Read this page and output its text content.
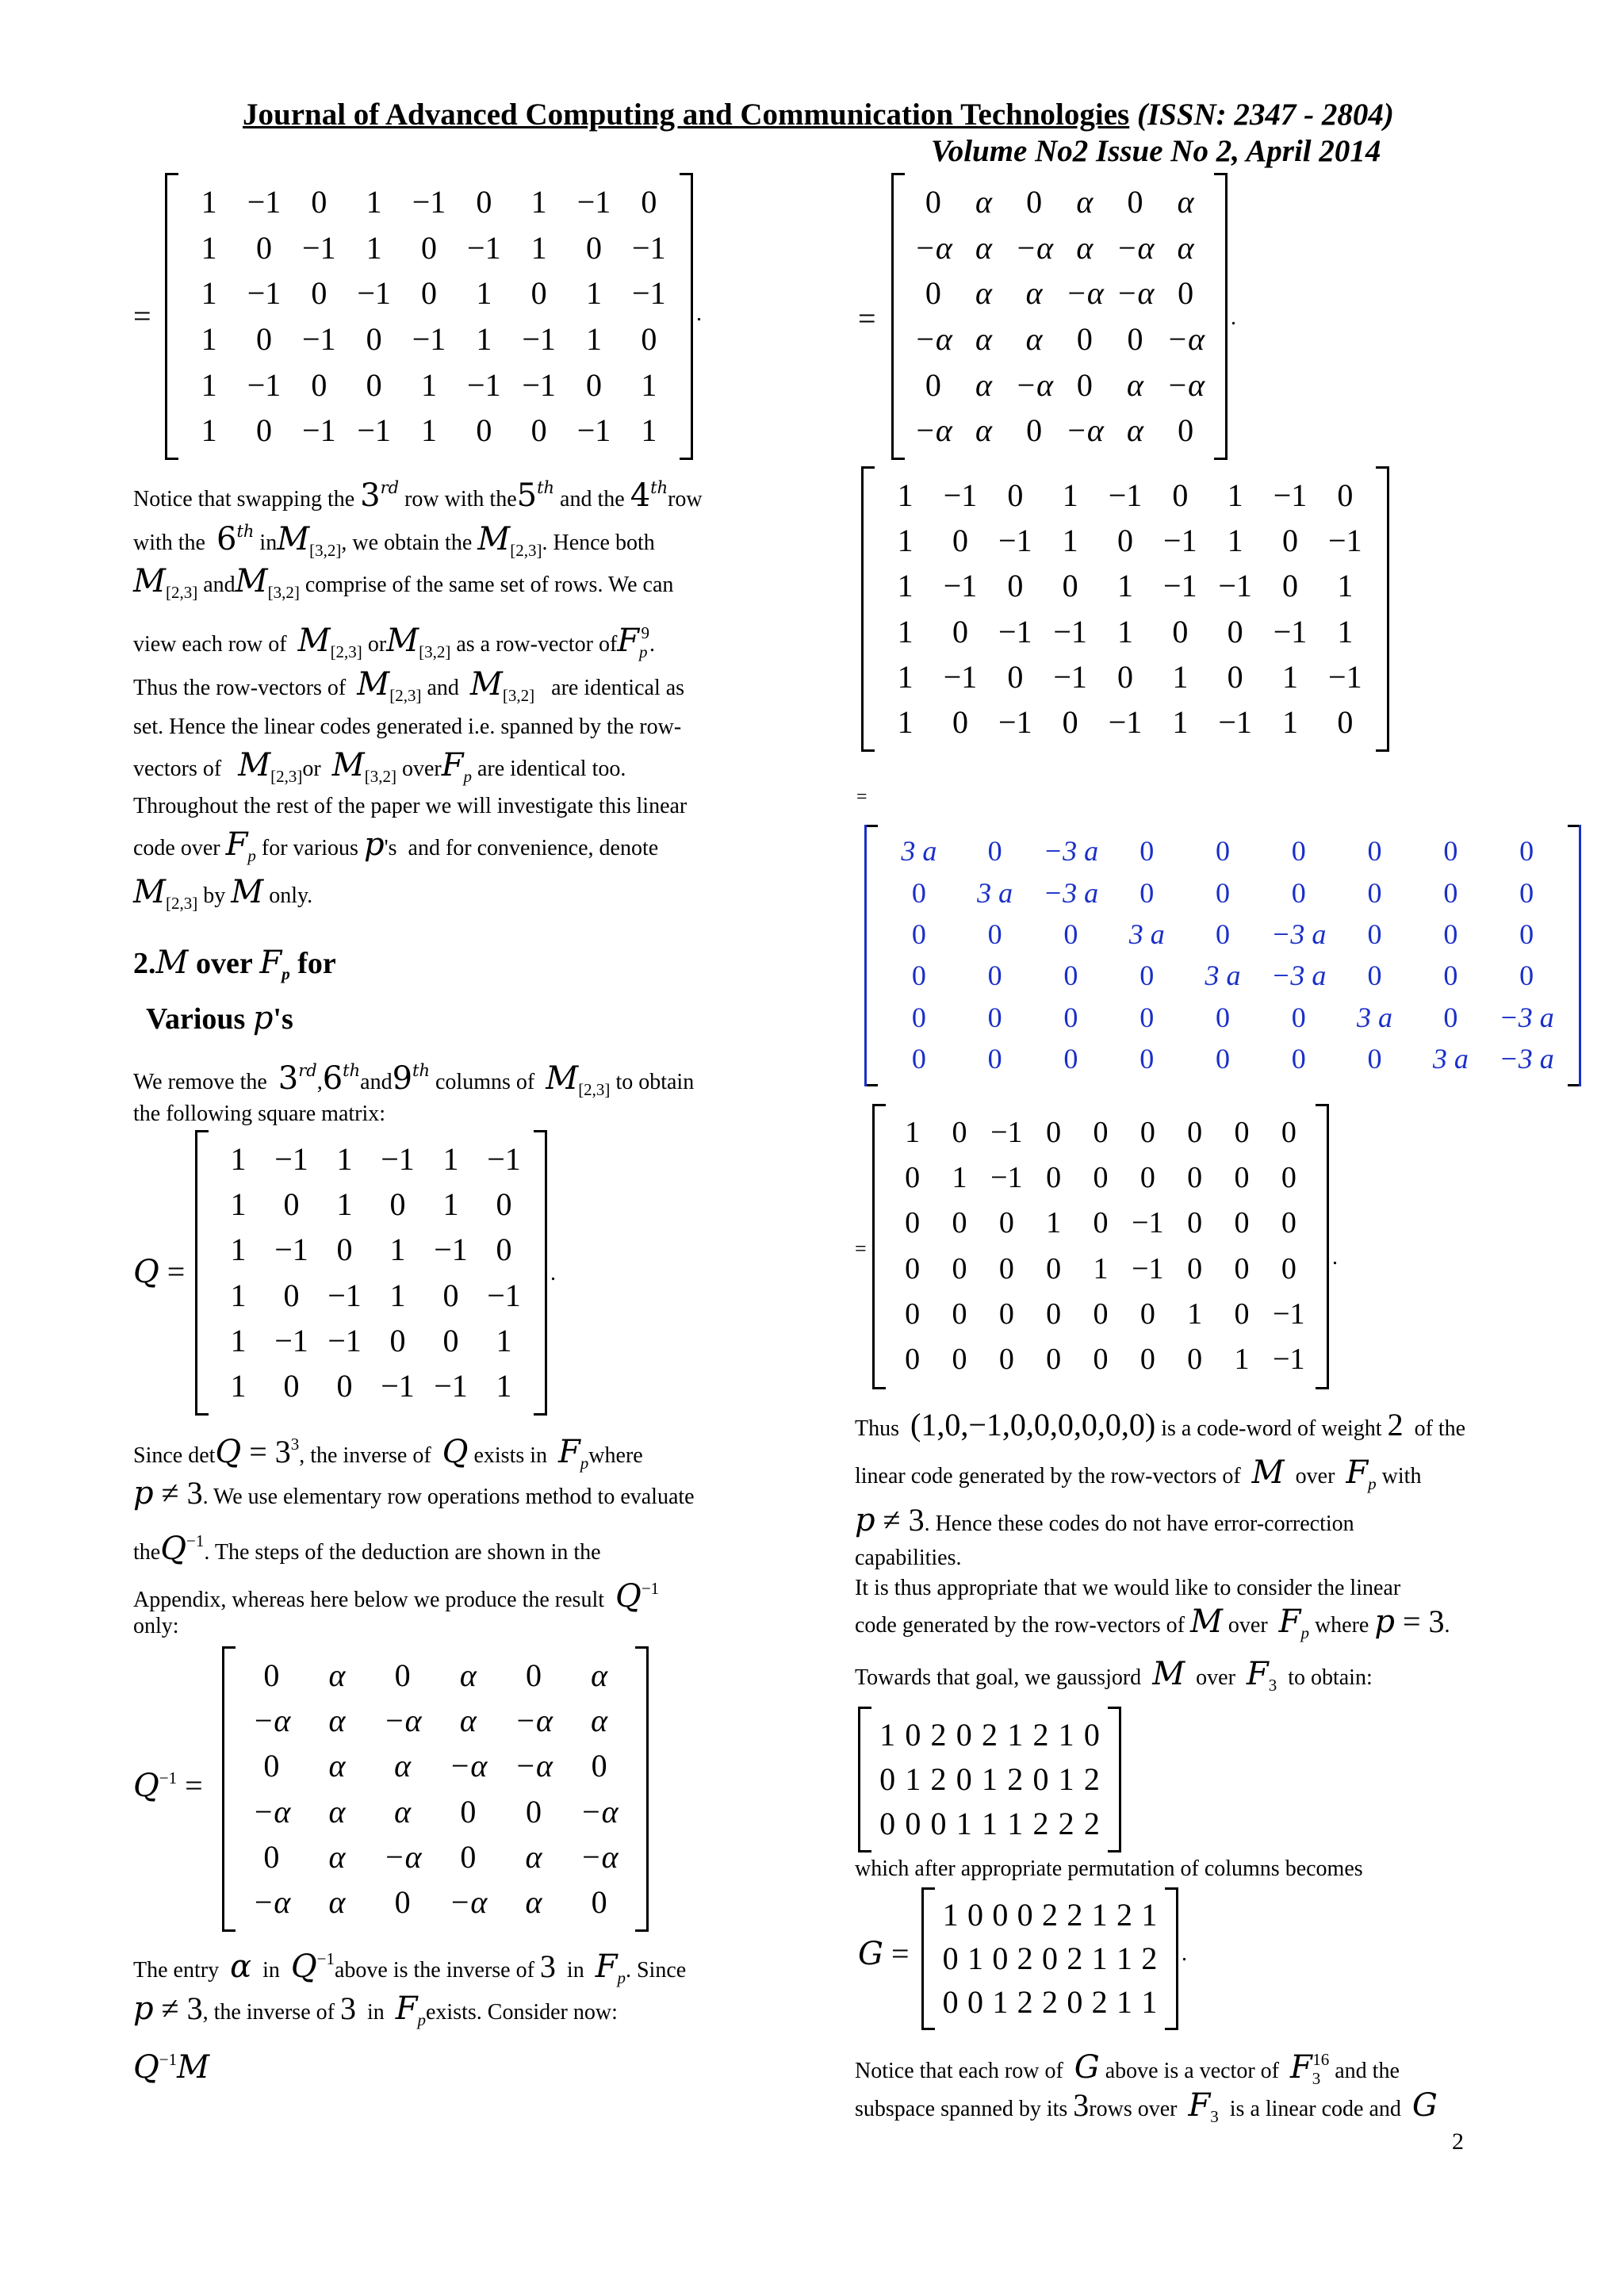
Journal of Advanced Computing and Communication Technologies (ISSN: 2347 - 2804)
Volume No2 Issue No 2, April 2014
=
1 −1 0	1 −1 0	1 −1 0
1	0 −1 1	0 −1 1	0 −1
1 −1 0 −1 0	1	0	1 −1
1	0 −1 0 −1 1 −1 1	0
1 −1 0	0	1 −1 −1 0	1
1	0 −1 −1 1	0	0 −1 1
.
Notice that swapping the 3rd row with the5th and the 4throw
with the 6th inM$_{[3,2]}$, we obtain the $M_{[2,3]}$. Hence both
$M_{[2,3]}$ andM$_{[3,2]}$ comprise of the same set of rows. We can
view each row of $M_{[2,3]}$ orM$_{[3,2]}$ as a row-vector ofF$_p^9$.
Thus the row-vectors of $M_{[2,3]}$ and $M_{[3,2]}$ are identical as
set. Hence the linear codes generated i.e. spanned by the row-
vectors of $M_{[2,3]}or$ $M_{[3,2]}$ overF$_p$ are identical too.
Throughout the rest of the paper we will investigate this linear
code over $F_p$ for various p's  and for convenience, denote
$M_{[2,3]}$ by M only.
2.M over $F_p$ for
Various p's
We remove the 3rd,6thand9th columns of $M_{[2,3]}$ to obtain
the following square matrix:
Q =
1 −1 1 −1 1 −1
1	0	1	0	1	0
1 −1 0	1 −1 0
1	0 −1 1	0 −1
1 −1 −1 0	0	1
1	0	0 −1 −1 1
.
Since $\det Q = 3^3$, the inverse of Q exists in $F_pwhere$
p ≠ 3. We use elementary row operations method to evaluate
theQ$^{-1}$. The steps of the deduction are shown in the
Appendix, whereas here below we produce the result $Q^{-1}$
only:
Q−1 =
0	α	0	α	0	α
−α	α	−α	α	−α	α
0	α	α	−α −α	0
−α	α	α	0	0	−α
0	α	−α	0	α	−α
−α	α	0	−α	α	0
The entry α in $Q^{-1}above$ is the inverse of 3 in $F_p$. Since
p ≠ 3, the inverse of 3 in $F_pexists$. Consider now:
$Q^{-1}M$
=
0	α	0	α	0	α
−α α −α α −α α
0	α	α −α −α 0
−α α	α	0	0 −α
0	α −α 0	α −α
−α α	0 −α α	0
.
1 −1 0	1 −1 0	1 −1 0
1	0 −1 1	0 −1 1	0 −1
1 −1 0	0	1 −1 −1 0	1
1	0 −1 −1 1	0	0 −1 1
1 −1 0 −1 0	1	0	1 −1
1	0 −1 0 −1 1 −1 1	0
=
3 a	0	−3 a	0	0	0	0	0	0
0	3 a	−3 a	0	0	0	0	0	0
0	0	0	3 a	0	−3 a	0	0	0
0	0	0	0	3 a	−3 a	0	0	0
0	0	0	0	0	0	3 a	0	−3 a
0	0	0	0	0	0	0	3 a	−3 a
=
1	0 −1 0	0	0	0	0	0
0	1 −1 0	0	0	0	0	0
0	0	0	1	0 −1 0	0	0
0	0	0	0	1 −1 0	0	0
0	0	0	0	0	0	1	0 −1
0	0	0	0	0	0	0	1 −1
.
Thus (1,0,−1,0,0,0,0,0,0) is a code-word of weight 2 of the
linear code generated by the row-vectors of M over $F_p$ with
p ≠ 3. Hence these codes do not have error-correction
capabilities.
It is thus appropriate that we would like to consider the linear
code generated by the row-vectors of M over $F_p$ where p = 3.
Towards that goal, we gaussjord M over $F_3$ to obtain:
1 0 2 0 2 1 2 1 0
0 1 2 0 1 2 0 1 2
0 0 0 1 1 1 2 2 2
which after appropriate permutation of columns becomes
G =
1 0 0 0 2 2 1 2 1
0 1 0 2 0 2 1 1 2
0 0 1 2 2 0 2 1 1
.
Notice that each row of G above is a vector of $F_3^{16}$ and the
subspace spanned by its 3rows over $F_3$ is a linear code and G
2
